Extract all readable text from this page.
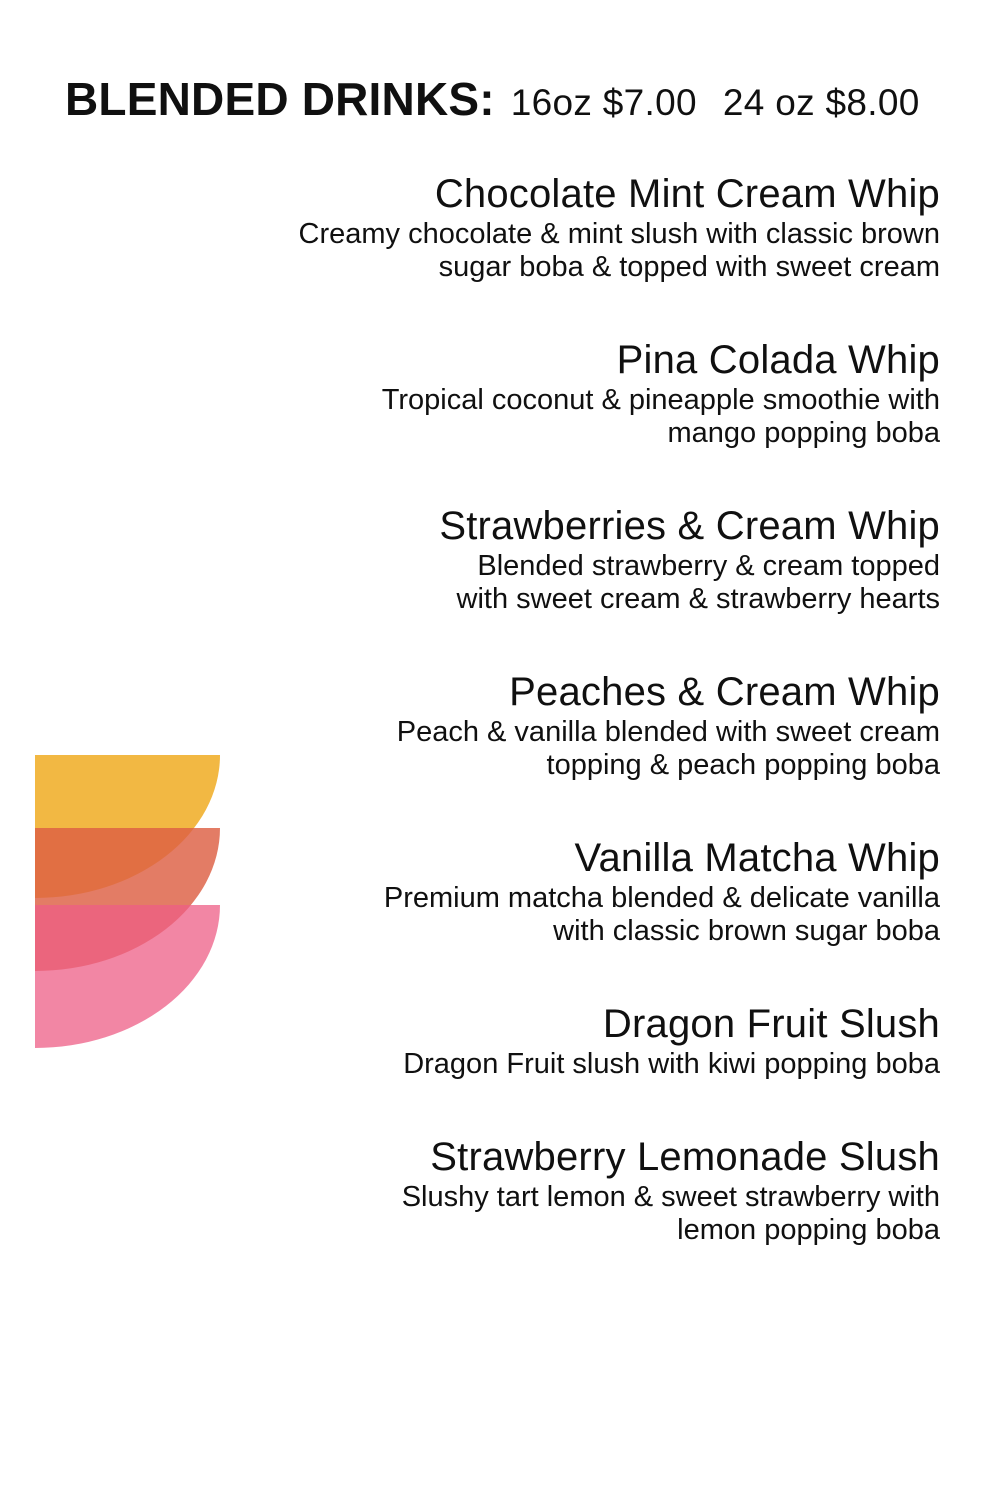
BLENDED DRINKS: 16oz $7.00 24 oz $8.00
Chocolate Mint Cream Whip
Creamy chocolate & mint slush with classic brown
sugar boba & topped with sweet cream
Pina Colada Whip
Tropical coconut & pineapple smoothie with
mango popping boba
Strawberries & Cream Whip
Blended strawberry & cream topped
with sweet cream & strawberry hearts
Peaches & Cream Whip
Peach & vanilla blended with sweet cream
topping & peach popping boba
Vanilla Matcha Whip
Premium matcha blended & delicate vanilla
with classic brown sugar boba
Dragon Fruit Slush
Dragon Fruit slush with kiwi popping boba
Strawberry Lemonade Slush
Slushy tart lemon & sweet strawberry with
lemon popping boba
